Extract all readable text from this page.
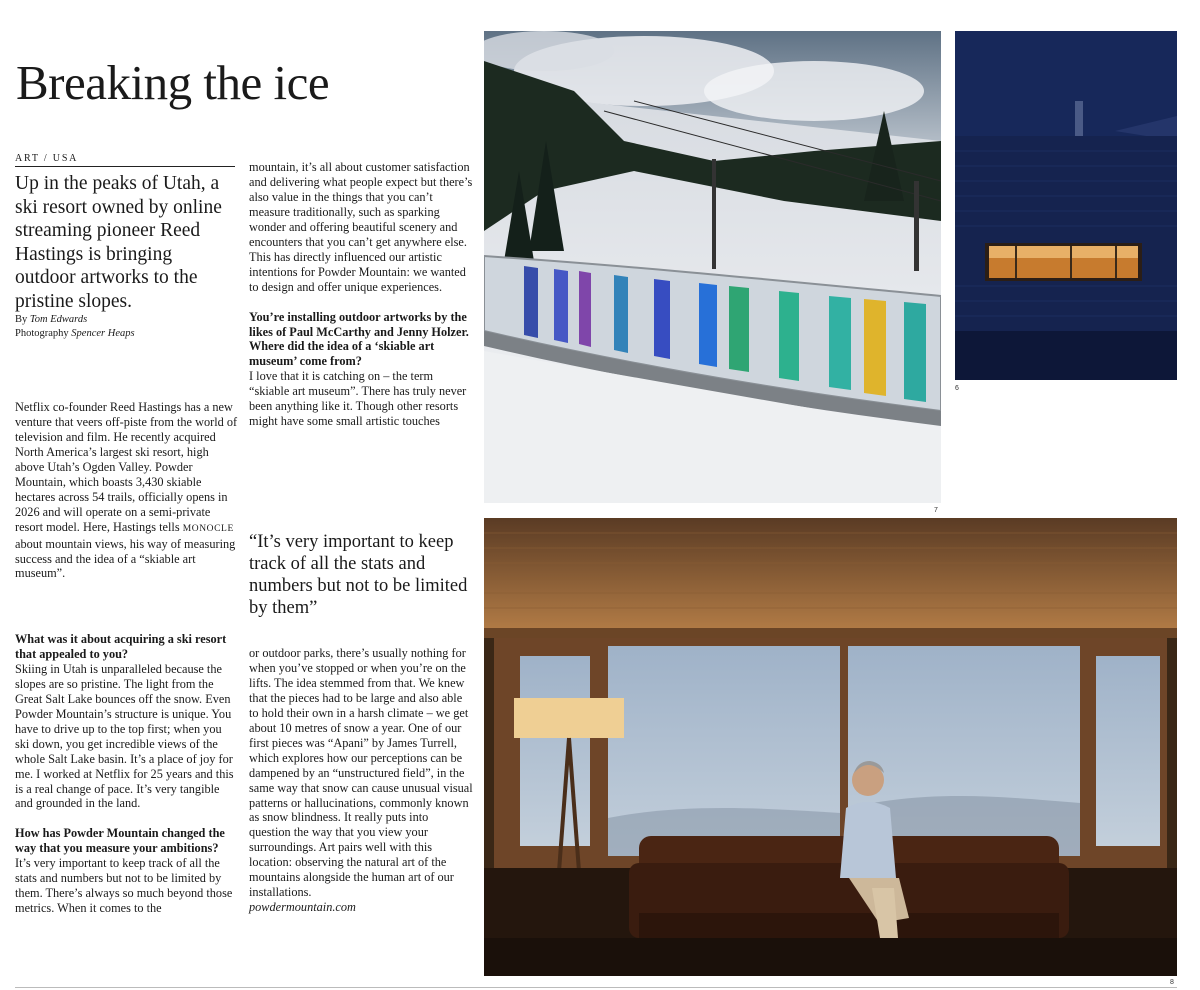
Breaking the ice
ART / USA
Up in the peaks of Utah, a ski resort owned by online streaming pioneer Reed Hastings is bringing outdoor artworks to the pristine slopes.
By Tom Edwards
Photography Spencer Heaps

Netflix co-founder Reed Hastings has a new venture that veers off-piste from the world of television and film. He recently acquired North America’s largest ski resort, high above Utah’s Ogden Valley. Powder Mountain, which boasts 3,430 skiable hectares across 54 trails, officially opens in 2026 and will operate on a semi-private resort model. Here, Hastings tells MONOCLE about mountain views, his way of measuring success and the idea of a “skiable art museum”.

What was it about acquiring a ski resort that appealed to you?

Skiing in Utah is unparalleled because the slopes are so pristine. The light from the Great Salt Lake bounces off the snow. Even Powder Mountain’s structure is unique. You have to drive up to the top first; when you ski down, you get incredible views of the whole Salt Lake basin. It’s a place of joy for me. I worked at Netflix for 25 years and this is a real change of pace. It’s very tangible and grounded in the land.

How has Powder Mountain changed the way that you measure your ambitions?

It’s very important to keep track of all the stats and numbers but not to be limited by them. There’s always so much beyond those metrics. When it comes to the

mountain, it’s all about customer satisfaction and delivering what people expect but there’s also value in the things that you can’t measure traditionally, such as sparking wonder and offering beautiful scenery and encounters that you can’t get anywhere else. This has directly influenced our artistic intentions for Powder Mountain: we wanted to design and offer unique experiences.

You’re installing outdoor artworks by the likes of Paul McCarthy and Jenny Holzer. Where did the idea of a ‘skiable art museum’ come from?

I love that it is catching on – the term “skiable art museum”. There has truly never been anything like it. Though other resorts might have some small artistic touches

“It’s very important to keep track of all the stats and numbers but not to be limited by them”

or outdoor parks, there’s usually nothing for when you’ve stopped or when you’re on the lifts. The idea stemmed from that. We knew that the pieces had to be large and also able to hold their own in a harsh climate – we get about 10 metres of snow a year. One of our first pieces was “Apani” by James Turrell, which explores how our perceptions can be dampened by an “unstructured field”, in the same way that snow can cause unusual visual patterns or hallucinations, commonly known as snow blindness. It really puts into question the way that you view your surroundings. Art pairs well with this location: observing the natural art of the mountains alongside the human art of our installations.

powdermountain.com

7
6
8
